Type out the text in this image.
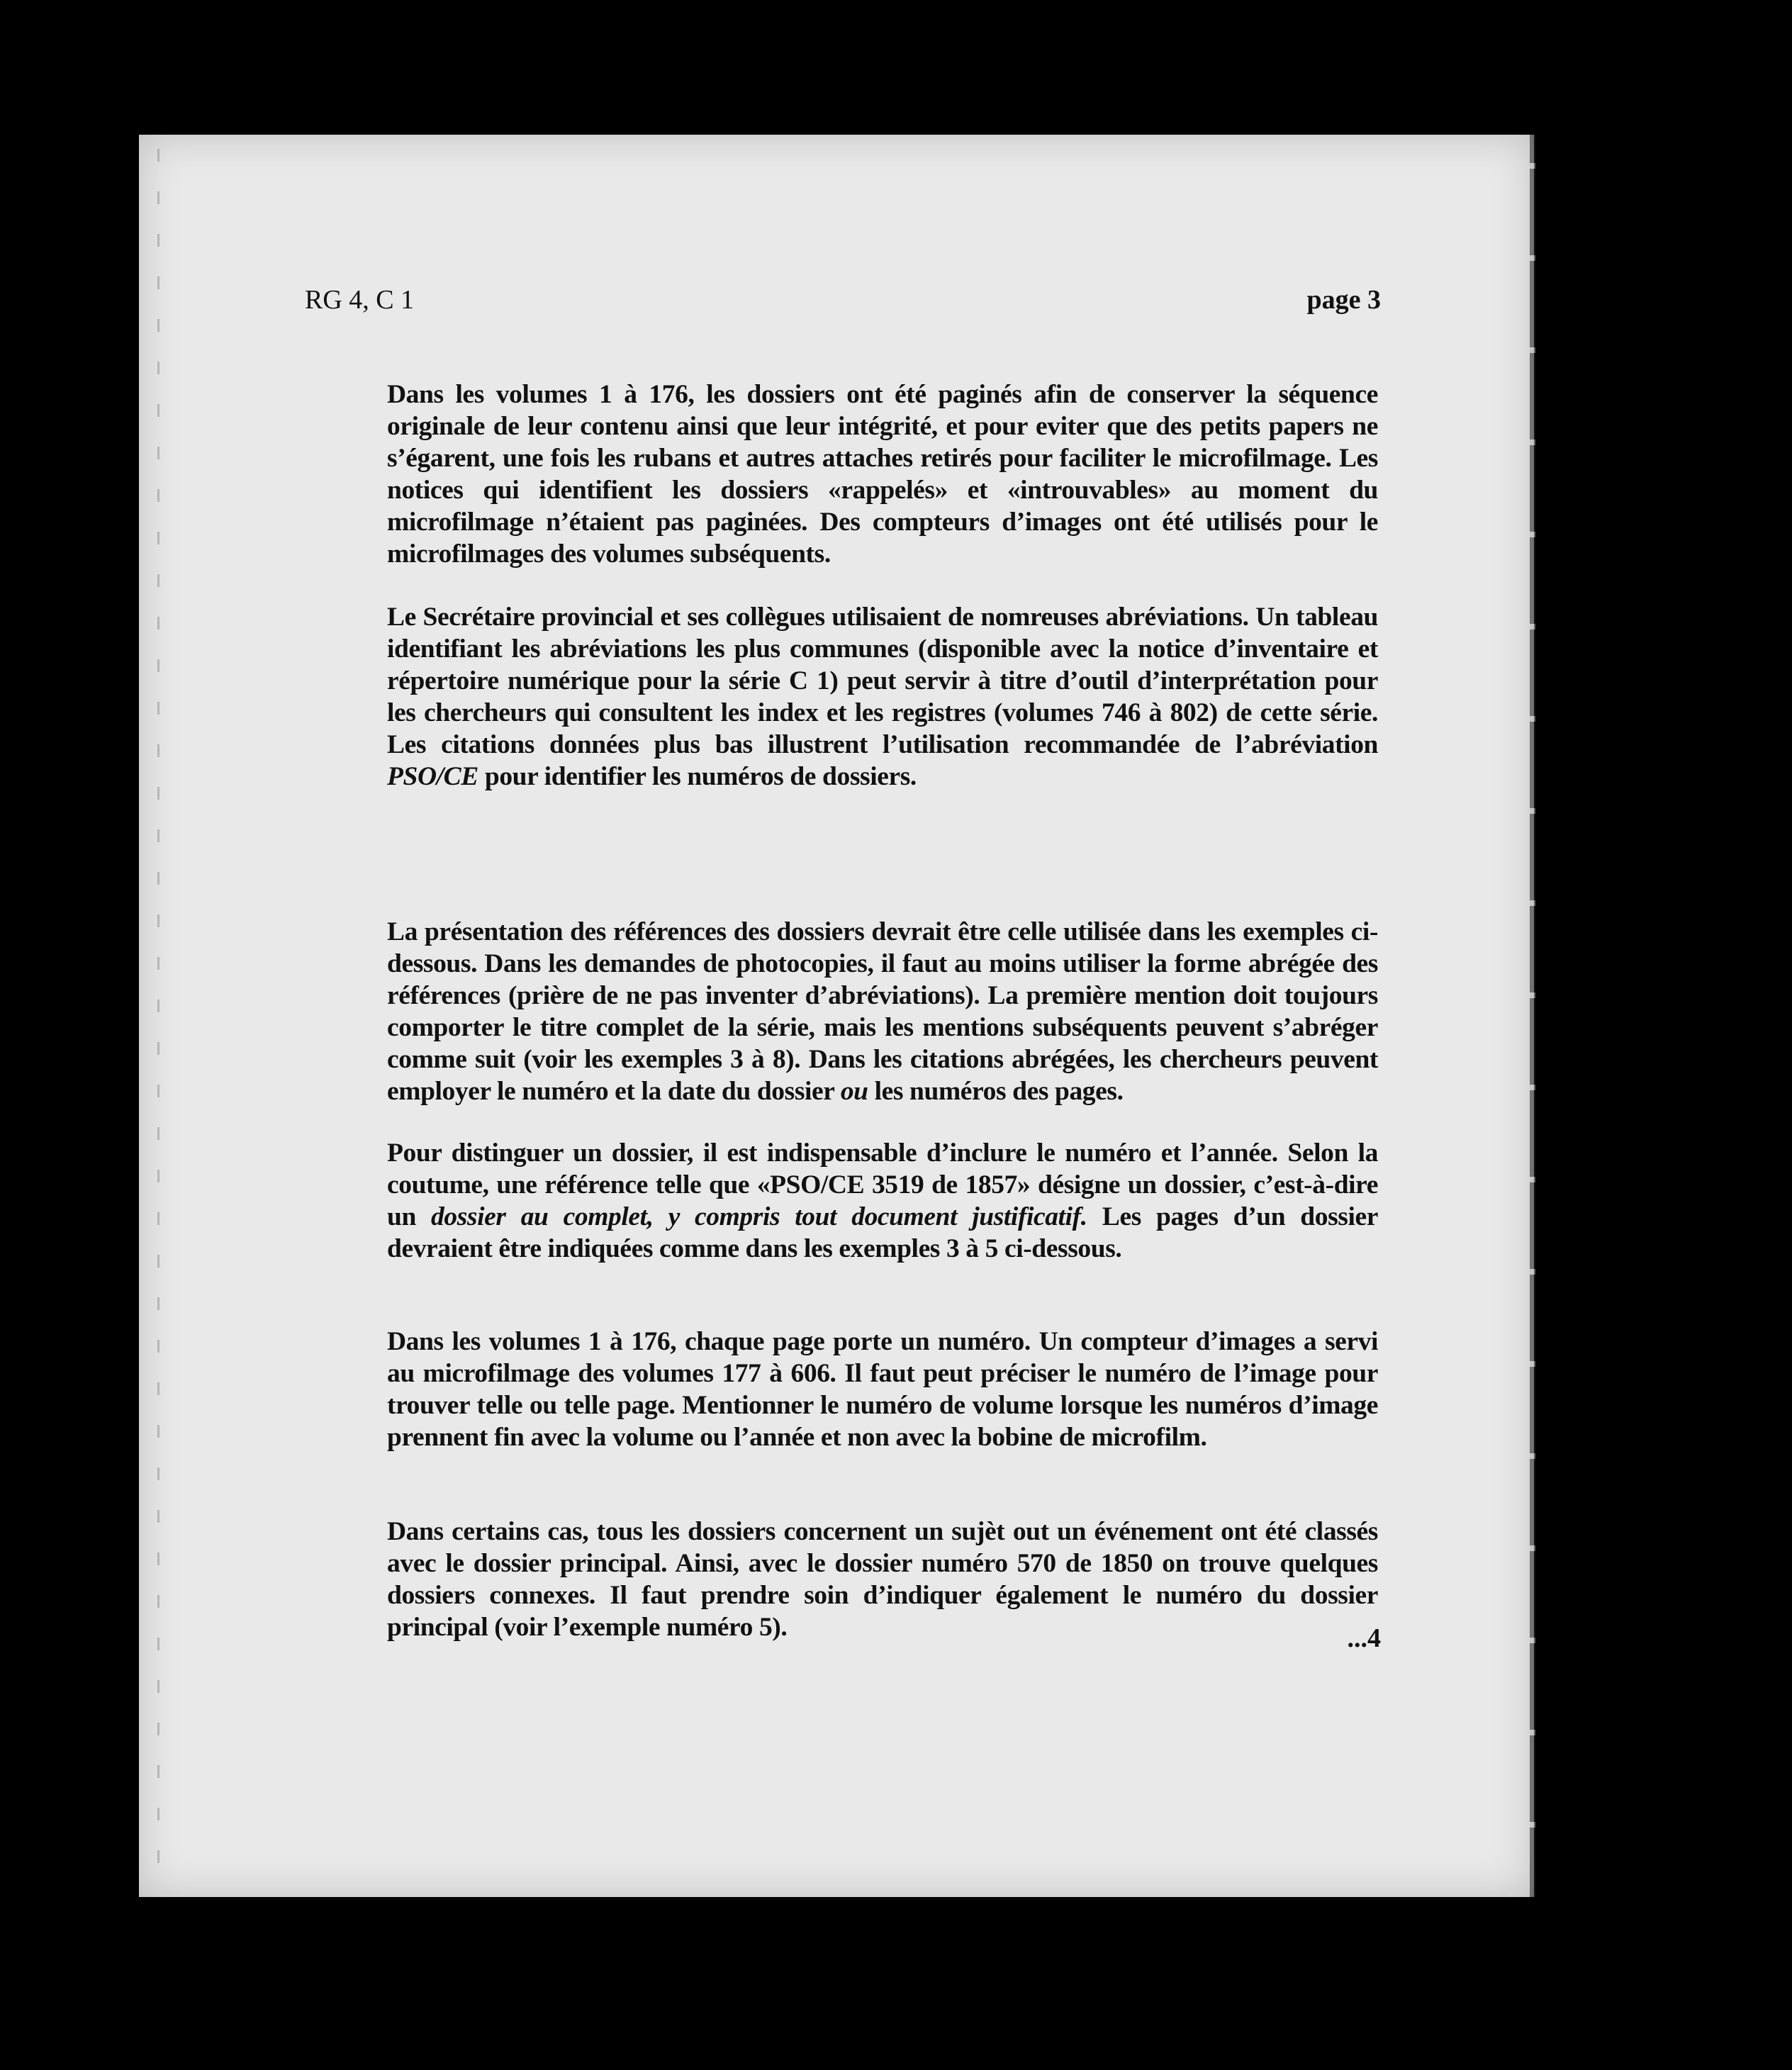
RG 4, C 1	page 3

Dans les volumes 1 à 176, les dossiers ont été paginés afin de conserver la séquence originale de leur contenu ainsi que leur intégrité, et pour eviter que des petits papers ne s’égarent, une fois les rubans et autres attaches retirés pour faciliter le microfilmage. Les notices qui identifient les dossiers «rappelés» et «introuvables» au moment du microfilmage n’étaient pas paginées. Des compteurs d’images ont été utilisés pour le microfilmages des volumes subséquents.

Le Secrétaire provincial et ses collègues utilisaient de nomreuses abréviations. Un tableau identifiant les abréviations les plus communes (disponible avec la notice d’inventaire et répertoire numérique pour la série C 1) peut servir à titre d’outil d’interprétation pour les chercheurs qui consultent les index et les registres (volumes 746 à 802) de cette série. Les citations données plus bas illustrent l’utilisation recommandée de l’abréviation PSO/CE pour identifier les numéros de dossiers.

La présentation des références des dossiers devrait être celle utilisée dans les exemples ci-dessous. Dans les demandes de photocopies, il faut au moins utiliser la forme abrégée des références (prière de ne pas inventer d’abréviations). La première mention doit toujours comporter le titre complet de la série, mais les mentions subséquents peuvent s’abréger comme suit (voir les exemples 3 à 8). Dans les citations abrégées, les chercheurs peuvent employer le numéro et la date du dossier ou les numéros des pages.

Pour distinguer un dossier, il est indispensable d’inclure le numéro et l’année. Selon la coutume, une référence telle que «PSO/CE 3519 de 1857» désigne un dossier, c’est-à-dire un dossier au complet, y compris tout document justificatif. Les pages d’un dossier devraient être indiquées comme dans les exemples 3 à 5 ci-dessous.

Dans les volumes 1 à 176, chaque page porte un numéro. Un compteur d’images a servi au microfilmage des volumes 177 à 606. Il faut peut préciser le numéro de l’image pour trouver telle ou telle page. Mentionner le numéro de volume lorsque les numéros d’image prennent fin avec la volume ou l’année et non avec la bobine de microfilm.

Dans certains cas, tous les dossiers concernent un sujèt out un événement ont été classés avec le dossier principal. Ainsi, avec le dossier numéro 570 de 1850 on trouve quelques dossiers connexes. Il faut prendre soin d’indiquer également le numéro du dossier principal (voir l’exemple numéro 5).	...4
